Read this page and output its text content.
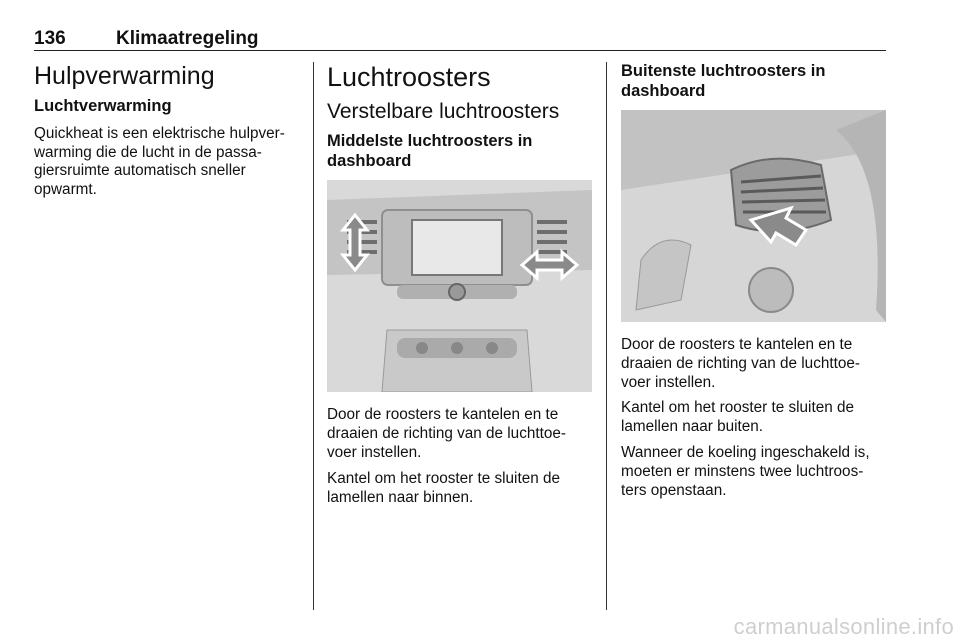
136	Klimaatregeling
Hulpverwarming
Luchtverwarming

Quickheat is een elektrische hulpver-warming die de lucht in de passa-giersruimte automatisch sneller opwarmt.

Luchtroosters
Verstelbare luchtroosters
Middelste luchtroosters in dashboard

Door de roosters te kantelen en te draaien de richting van de luchttoe-voer instellen.

Kantel om het rooster te sluiten de lamellen naar binnen.

Buitenste luchtroosters in dashboard

Door de roosters te kantelen en te draaien de richting van de luchttoe-voer instellen.

Kantel om het rooster te sluiten de lamellen naar buiten.

Wanneer de koeling ingeschakeld is, moeten er minstens twee luchtroos-ters openstaan.

carmanualsonline.info
